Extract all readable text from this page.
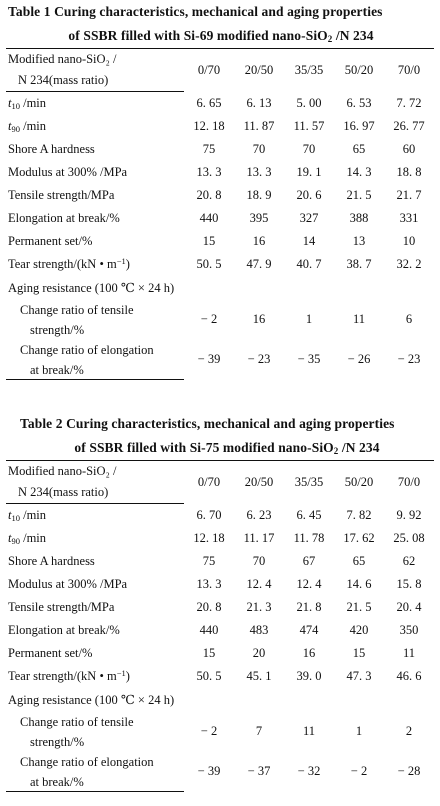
Table 1 Curing characteristics, mechanical and aging properties
of SSBR filled with Si-69 modified nano-SiO$_2$ /N 234
Modified nano-SiO₂ /	0/70	20/50	35/35	50/20	70/0
N 234(mass ratio)					
$t_{10}$ /min	6. 65	6. 13	5. 00	6. 53	7. 72
$t_{90}$ /min	12. 18	11. 87	11. 57	16. 97	26. 77
Shore A hardness	75	70	70	65	60
Modulus at 300% /MPa	13. 3	13. 3	19. 1	14. 3	18. 8
Tensile strength/MPa	20. 8	18. 9	20. 6	21. 5	21. 7
Elongation at break/%	440	395	327	388	331
Permanent set/%	15	16	14	13	10
Tear strength/(kN • $m^{-1}$)	50. 5	47. 9	40. 7	38. 7	32. 2
Aging resistance (100 ℃ × 24 h)					
Change ratio of tensile	− 2	16	1	11	6
strength/%					
Change ratio of elongation	− 39	− 23	− 35	− 26	− 23
at break/%					
Table 2 Curing characteristics, mechanical and aging properties
of SSBR filled with Si-75 modified nano-SiO$_2$ /N 234
Modified nano-SiO₂ /	0/70	20/50	35/35	50/20	70/0
N 234(mass ratio)					
$t_{10}$ /min	6. 70	6. 23	6. 45	7. 82	9. 92
$t_{90}$ /min	12. 18	11. 17	11. 78	17. 62	25. 08
Shore A hardness	75	70	67	65	62
Modulus at 300% /MPa	13. 3	12. 4	12. 4	14. 6	15. 8
Tensile strength/MPa	20. 8	21. 3	21. 8	21. 5	20. 4
Elongation at break/%	440	483	474	420	350
Permanent set/%	15	20	16	15	11
Tear strength/(kN • $m^{-1}$)	50. 5	45. 1	39. 0	47. 3	46. 6
Aging resistance (100 ℃ × 24 h)					
Change ratio of tensile	− 2	7	11	1	2
strength/%					
Change ratio of elongation	− 39	− 37	− 32	− 2	− 28
at break/%					
